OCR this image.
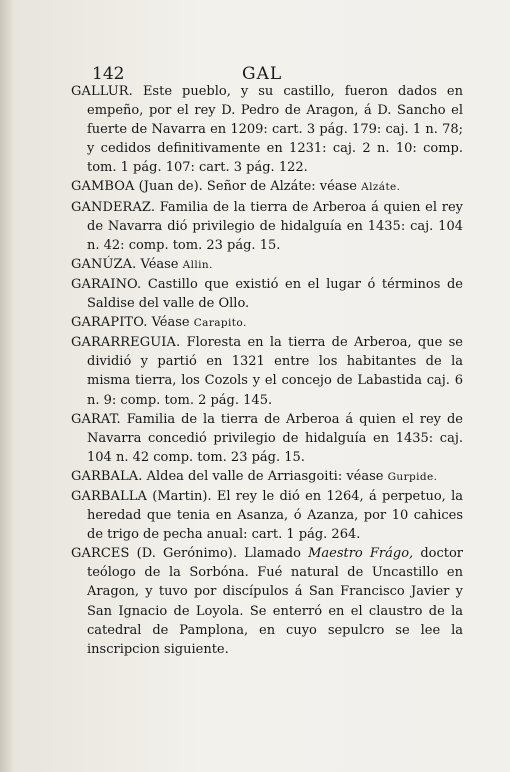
142	GAL

GALLUR. Este pueblo, y su castillo, fueron dados en empeño, por el rey D. Pedro de Aragon, á D. Sancho el fuerte de Navarra en 1209: cart. 3 pág. 179: caj. 1 n. 78; y cedidos definitivamente en 1231: caj. 2 n. 10: comp. tom. 1 pág. 107: cart. 3 pág. 122.

GAMBOA (Juan de). Señor de Alzáte: véase Alzáte.

GANDERAZ. Familia de la tierra de Arberoa á quien el rey de Navarra dió privilegio de hidalguía en 1435: caj. 104 n. 42: comp. tom. 23 pág. 15.

GANÚZA. Véase Allin.

GARAINO. Castillo que existió en el lugar ó términos de Saldise del valle de Ollo.

GARAPITO. Véase Carapito.

GARARREGUIA. Floresta en la tierra de Arberoa, que se dividió y partió en 1321 entre los habitantes de la misma tierra, los Cozols y el concejo de Labastida caj. 6 n. 9: comp. tom. 2 pág. 145.

GARAT. Familia de la tierra de Arberoa á quien el rey de Navarra concedió privilegio de hidalguía en 1435: caj. 104 n. 42 comp. tom. 23 pág. 15.

GARBALA. Aldea del valle de Arriasgoiti: véase Gurpide.

GARBALLA (Martin). El rey le dió en 1264, á perpetuo, la heredad que tenia en Asanza, ó Azanza, por 10 cahices de trigo de pecha anual: cart. 1 pág. 264.

GARCES (D. Gerónimo). Llamado Maestro Frágo, doctor teólogo de la Sorbóna. Fué natural de Uncastillo en Aragon, y tuvo por discípulos á San Francisco Javier y San Ignacio de Loyola. Se enterró en el claustro de la catedral de Pamplona, en cuyo sepulcro se lee la inscripcion siguiente.
